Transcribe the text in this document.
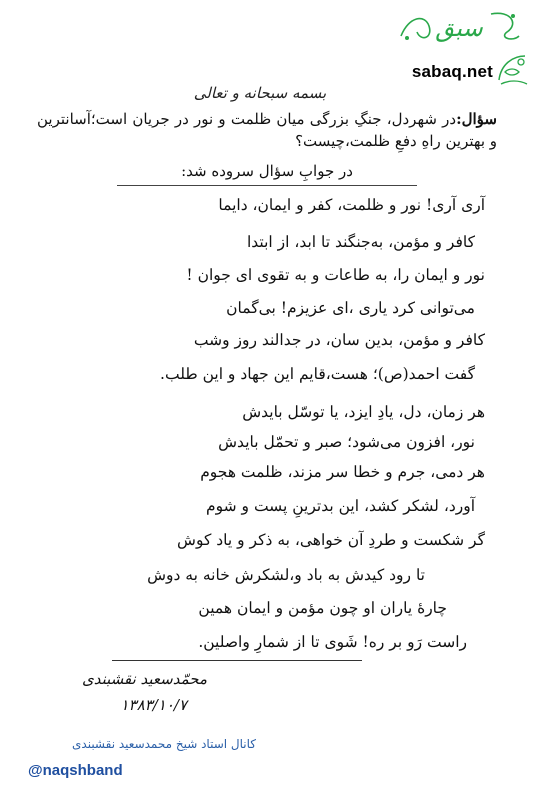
سبق
sabaq.net
بسمه سبحانه و تعالی
سؤال:در شهردل، جنگِ بزرگی میان ظلمت و نور در جریان است؛آسانترین و بهترین راهِ دفعِ ظلمت،چیست؟
در جوابِ سؤال سروده شد:
آری آری! نور و ظلمت، کفر و ایمان، دایما
کافر و مؤمن، به‌جنگند تا ابد، از ابتدا
نور و ایمان را، به طاعات و به تقوی ای جوان !
می‌توانی کرد یاری ،ای عزیزم! بی‌گمان
کافر و مؤمن، بدین سان، در جدالند روز وشب
گفت احمد(ص)؛ هست،قایم این جهاد و این طلب.
هر زمان، دل، یادِ ایزد، یا توسّل بایدش
نور، افزون می‌شود؛ صبر و تحمّل بایدش
هر دمی، جرم و خطا سر مزند، ظلمت هجوم
آورد، لشکر کشد، این بدترینِ پست و شوم
گر شکست و طردِ آن خواهی، به ذکر و یاد کوش
تا رود کیدش به باد و،لشکرش خانه به دوش
چارهٔ یاران او چون مؤمن و ایمان همین
راست رَو بر ره! شَوی تا از شمارِ واصلین.
محمّدسعید نقشبندی
۱۳۸۳/۱۰/۷
کانال استاد شیخ محمدسعید نقشبندی
@naqshband
